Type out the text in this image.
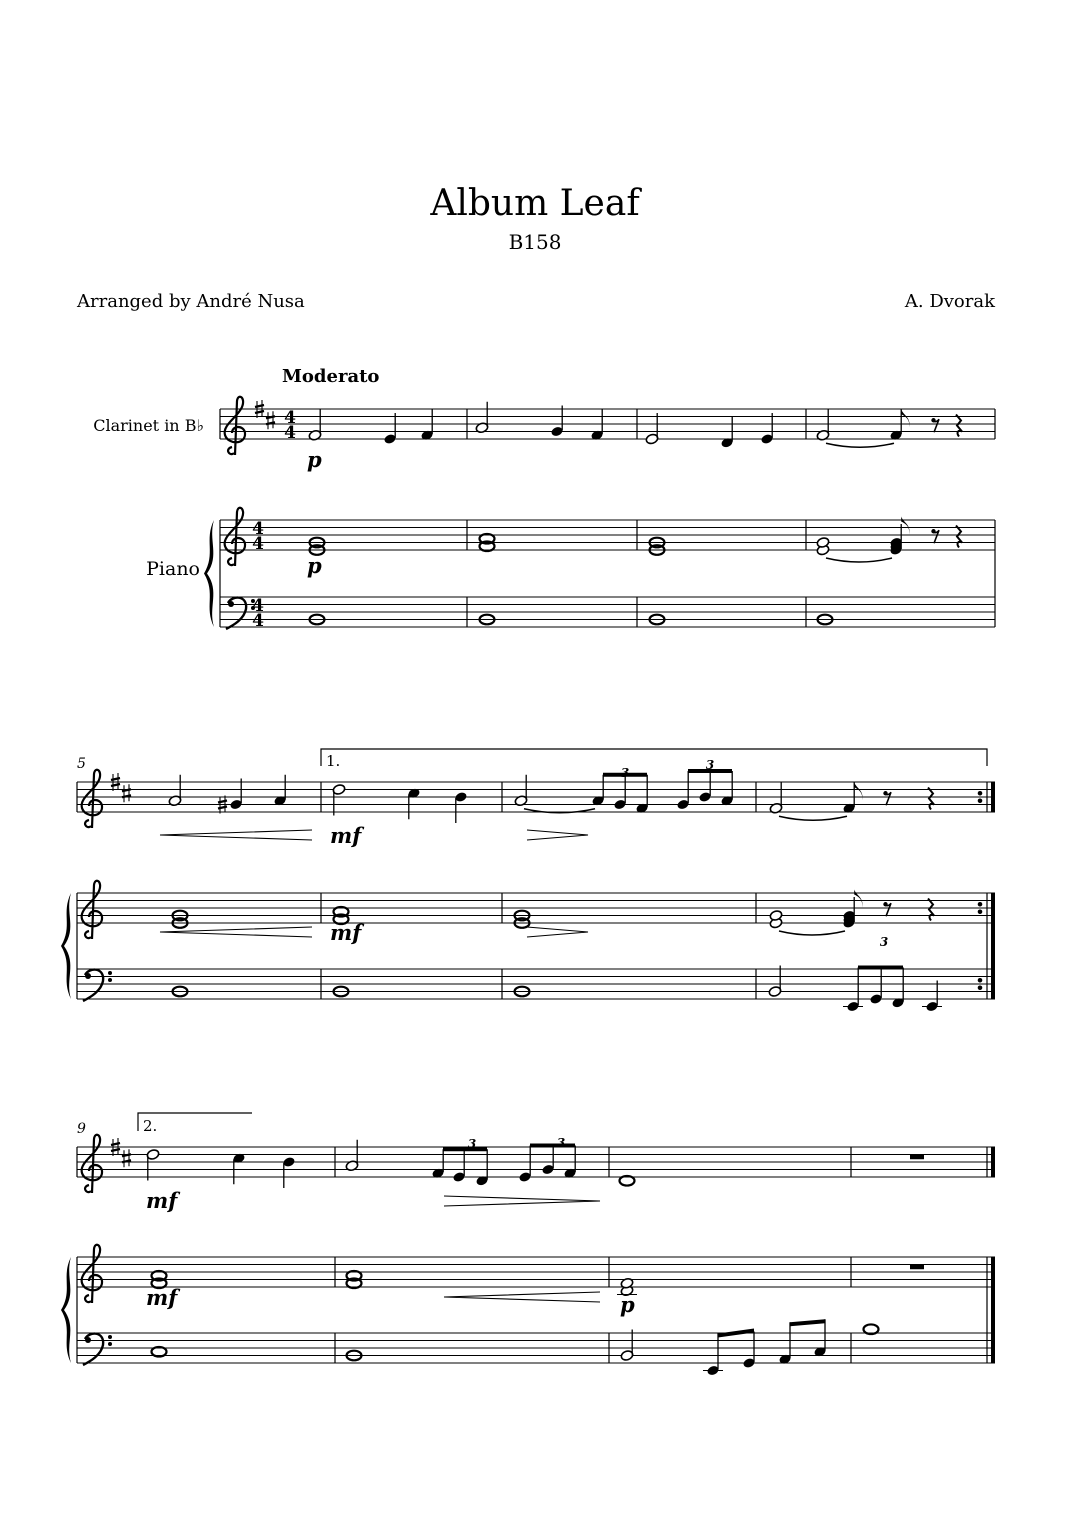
Album Leaf
B158
Arranged by André Nusa	A. Dvorak
Moderato
Clarinet in B♭
Piano
5
9
1.
2.
4
4
4
4
4
4
3
3
3
3	3
p
p
mf
mf
mf
mf	p
